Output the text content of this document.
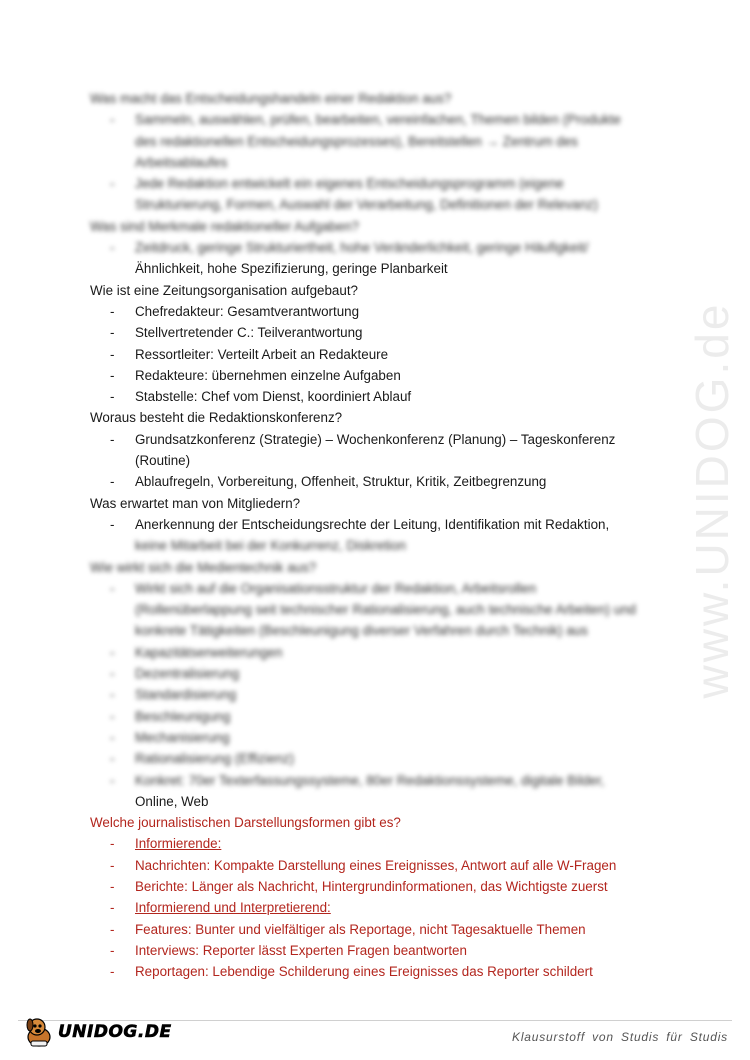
www.UNIDOG.de
Was macht das Entscheidungshandeln einer Redaktion aus?
- Sammeln, auswählen, prüfen, bearbeiten, vereinfachen, Themen bilden (Produkte
des redaktionellen Entscheidungsprozesses), Bereitstellen → Zentrum des
Arbeitsablaufes
- Jede Redaktion entwickelt ein eigenes Entscheidungsprogramm (eigene
Strukturierung, Formen, Auswahl der Verarbeitung, Definitionen der Relevanz)
Was sind Merkmale redaktioneller Aufgaben?
- Zeitdruck, geringe Strukturiertheit, hohe Veränderlichkeit, geringe Häufigkeit/
Ähnlichkeit, hohe Spezifizierung, geringe Planbarkeit
Wie ist eine Zeitungsorganisation aufgebaut?
- Chefredakteur: Gesamtverantwortung
- Stellvertretender C.: Teilverantwortung
- Ressortleiter: Verteilt Arbeit an Redakteure
- Redakteure: übernehmen einzelne Aufgaben
- Stabstelle: Chef vom Dienst, koordiniert Ablauf
Woraus besteht die Redaktionskonferenz?
- Grundsatzkonferenz (Strategie) – Wochenkonferenz (Planung) – Tageskonferenz
(Routine)
- Ablaufregeln, Vorbereitung, Offenheit, Struktur, Kritik, Zeitbegrenzung
Was erwartet man von Mitgliedern?
- Anerkennung der Entscheidungsrechte der Leitung, Identifikation mit Redaktion,
keine Mitarbeit bei der Konkurrenz, Diskretion
Wie wirkt sich die Medientechnik aus?
- Wirkt sich auf die Organisationsstruktur der Redaktion, Arbeitsrollen
(Rollenüberlappung seit technischer Rationalisierung, auch technische Arbeiten) und
konkrete Tätigkeiten (Beschleunigung diverser Verfahren durch Technik) aus
- Kapazitätserweiterungen
- Dezentralisierung
- Standardisierung
- Beschleunigung
- Mechanisierung
- Rationalisierung (Effizienz)
- Konkret: 70er Texterfassungssysteme, 80er Redaktionssysteme, digitale Bilder,
Online, Web
Welche journalistischen Darstellungsformen gibt es?
- Informierende:
- Nachrichten: Kompakte Darstellung eines Ereignisses, Antwort auf alle W-Fragen
- Berichte: Länger als Nachricht, Hintergrundinformationen, das Wichtigste zuerst
- Informierend und Interpretierend:
- Features: Bunter und vielfältiger als Reportage, nicht Tagesaktuelle Themen
- Interviews: Reporter lässt Experten Fragen beantworten
- Reportagen: Lebendige Schilderung eines Ereignisses das Reporter schildert
UNIDOG.DE	Klausurstoff von Studis für Studis
